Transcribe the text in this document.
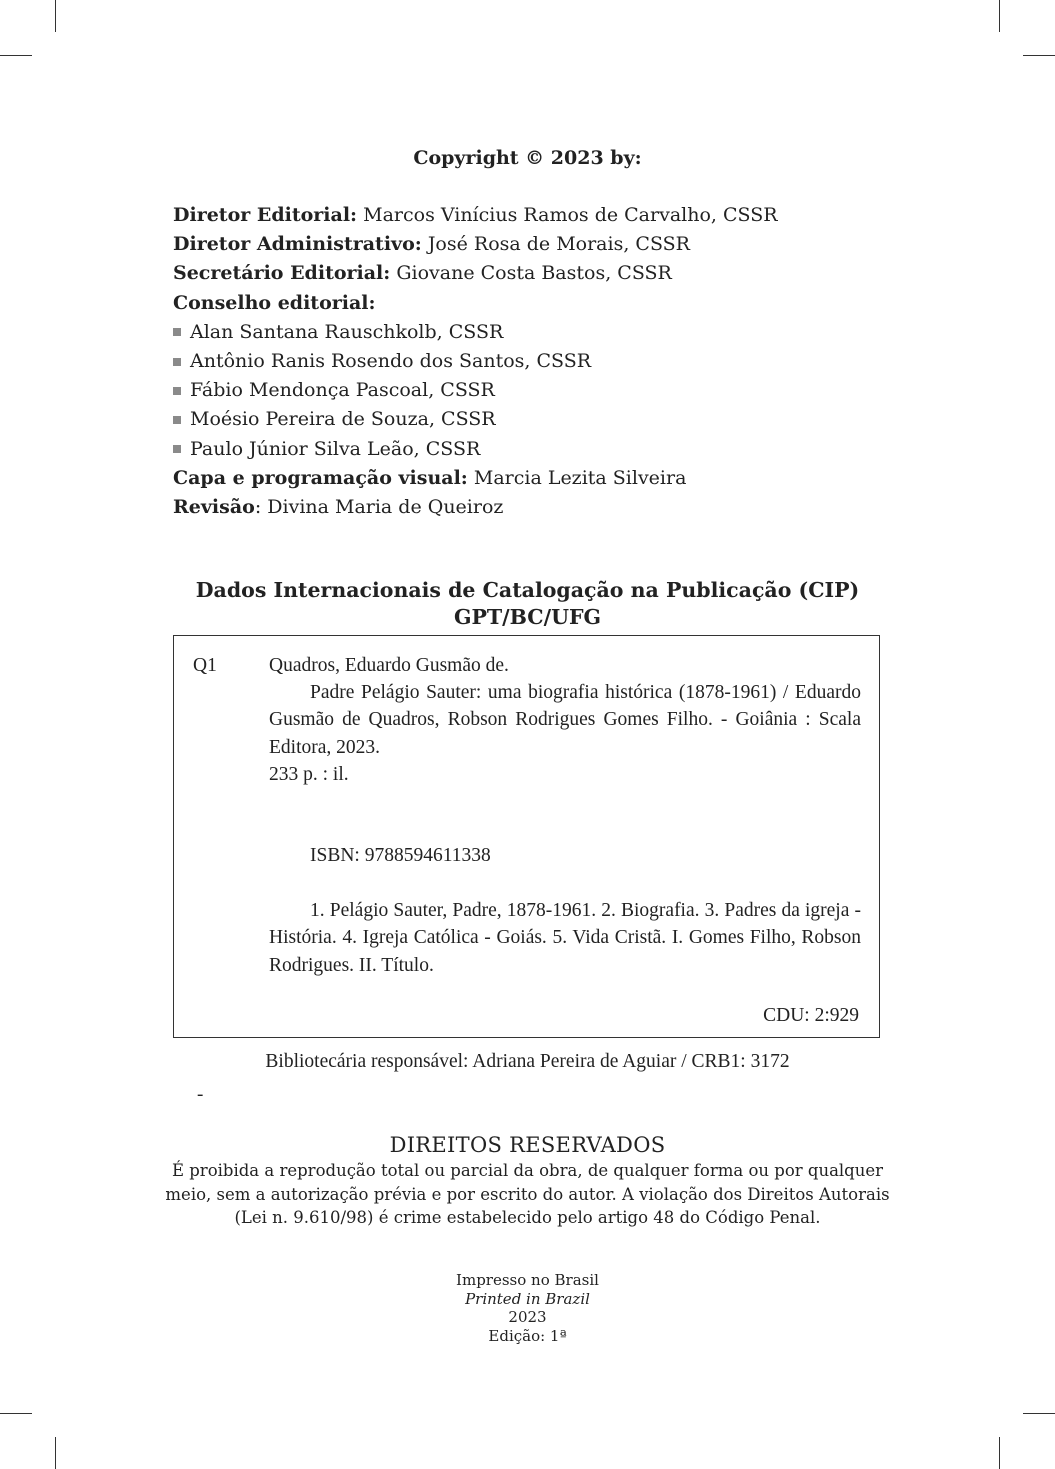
Copyright © 2023 by:
Diretor Editorial: Marcos Vinícius Ramos de Carvalho, CSSR
Diretor Administrativo: José Rosa de Morais, CSSR
Secretário Editorial: Giovane Costa Bastos, CSSR
Conselho editorial:
Alan Santana Rauschkolb, CSSR
Antônio Ranis Rosendo dos Santos, CSSR
Fábio Mendonça Pascoal, CSSR
Moésio Pereira de Souza, CSSR
Paulo Júnior Silva Leão, CSSR
Capa e programação visual: Marcia Lezita Silveira
Revisão: Divina Maria de Queiroz
Dados Internacionais de Catalogação na Publicação (CIP)
GPT/BC/UFG
Q1	Quadros, Eduardo Gusmão de.
Padre Pelágio Sauter: uma biografia histórica (1878-1961) / Eduardo Gusmão de Quadros, Robson Rodrigues Gomes Filho. - Goiânia : Scala Editora, 2023.
233 p. : il.
ISBN: 9788594611338
1. Pelágio Sauter, Padre, 1878-1961. 2. Biografia. 3. Padres da igreja - História. 4. Igreja Católica - Goiás. 5. Vida Cristã. I. Gomes Filho, Robson Rodrigues. II. Título.
CDU: 2:929
Bibliotecária responsável: Adriana Pereira de Aguiar / CRB1: 3172
-
DIREITOS RESERVADOS
É proibida a reprodução total ou parcial da obra, de qualquer forma ou por qualquer meio, sem a autorização prévia e por escrito do autor. A violação dos Direitos Autorais (Lei n. 9.610/98) é crime estabelecido pelo artigo 48 do Código Penal.
Impresso no Brasil
Printed in Brazil
2023
Edição: 1ª
